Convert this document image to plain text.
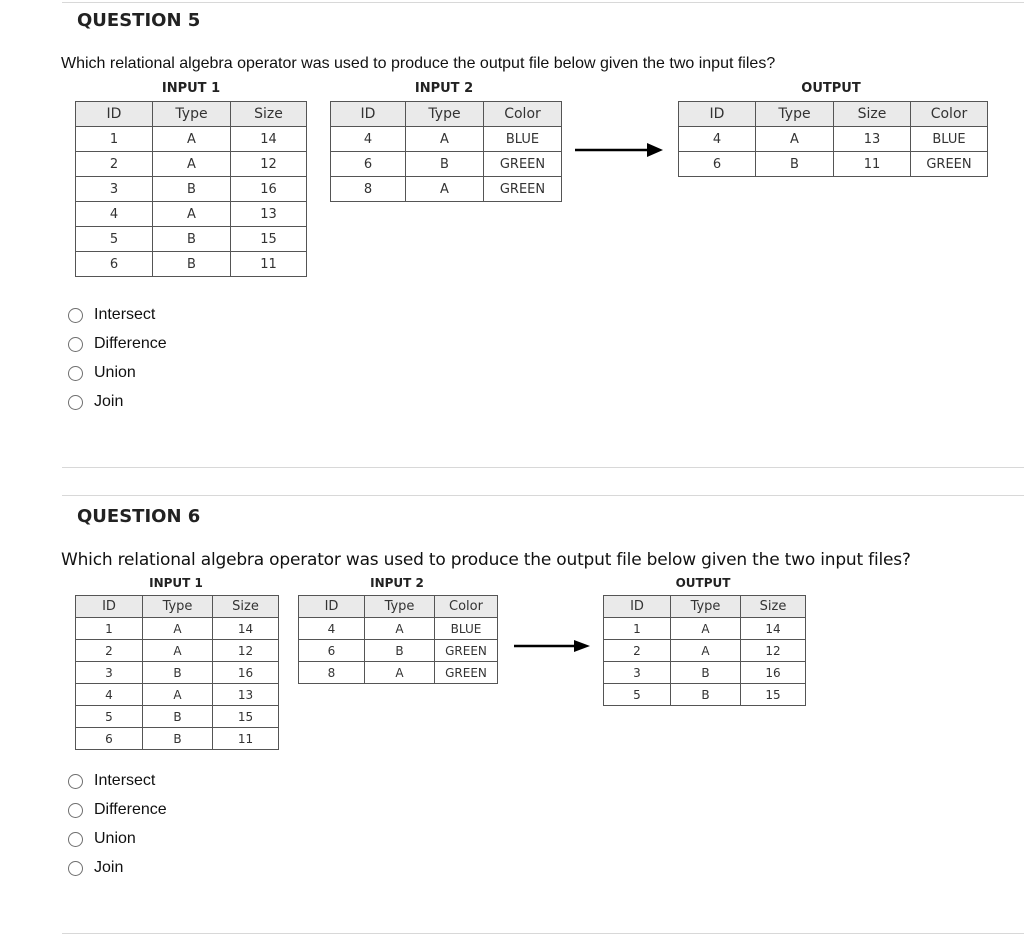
QUESTION 5
Which relational algebra operator was used to produce the output file below given the two input files?
INPUT 1
ID	Type	Size
1	A	14
2	A	12
3	B	16
4	A	13
5	B	15
6	B	11
INPUT 2
ID	Type	Color
4	A	BLUE
6	B	GREEN
8	A	GREEN
OUTPUT
ID	Type	Size	Color
4	A	13	BLUE
6	B	11	GREEN
Intersect
Difference
Union
Join
QUESTION 6
Which relational algebra operator was used to produce the output file below given the two input files?
INPUT 1
ID	Type	Size
1	A	14
2	A	12
3	B	16
4	A	13
5	B	15
6	B	11
INPUT 2
ID	Type	Color
4	A	BLUE
6	B	GREEN
8	A	GREEN
OUTPUT
ID	Type	Size
1	A	14
2	A	12
3	B	16
5	B	15
Intersect
Difference
Union
Join
